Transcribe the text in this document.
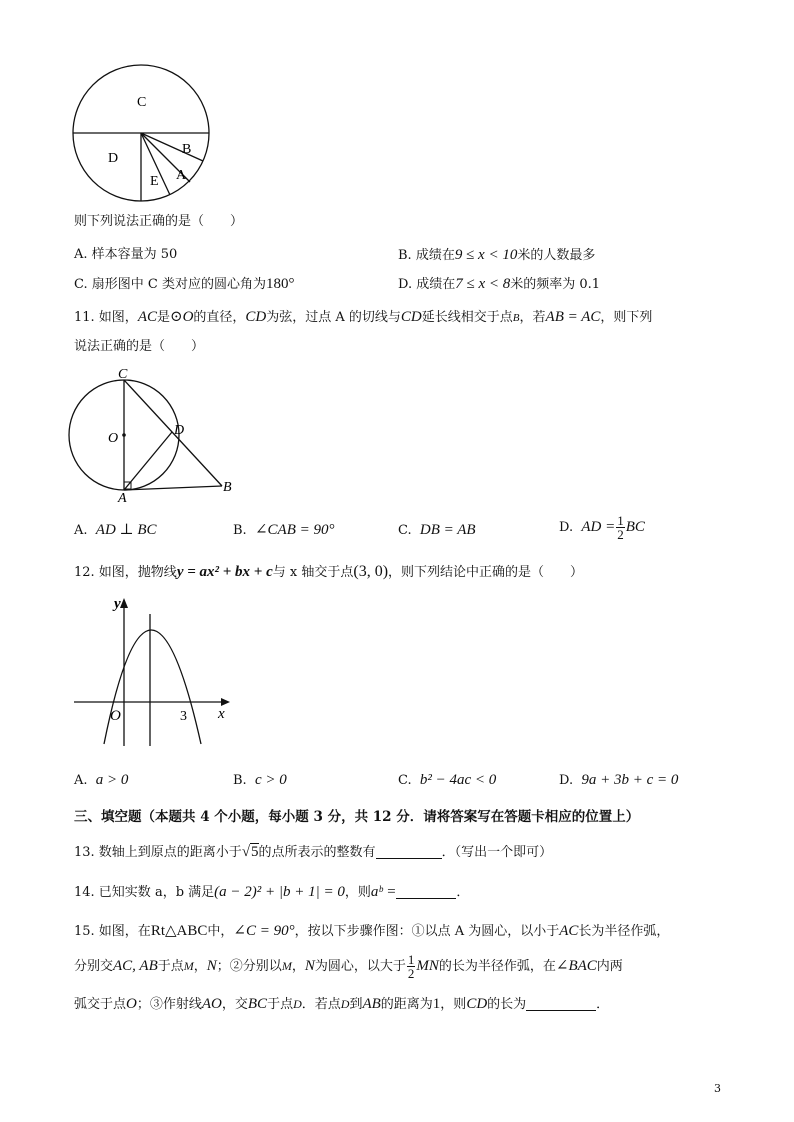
C
D
B
A
E
则下列说法正确的是（　　）
A. 样本容量为 50	B. 成绩在9 ≤ x < 10米的人数最多
C. 扇形图中 C 类对应的圆心角为180°	D. 成绩在7 ≤ x < 8米的频率为 0.1
11. 如图，AC是⊙O的直径，CD为弦，过点 A 的切线与CD延长线相交于点B，若AB = AC，则下列
说法正确的是（　　）
C
O
D
A
B
A. AD ⊥ BC	B. ∠CAB = 90°	C. DB = AB	D. AD = $\frac{1}{2}$ BC
12. 如图，抛物线y = ax² + bx + c与 x 轴交于点(3, 0)，则下列结论中正确的是（　　）
y
x
O	3
A. a > 0	B. c > 0	C. b² − 4ac < 0	D. 9a + 3b + c = 0
三、填空题（本题共 4 个小题，每小题 3 分，共 12 分．请将答案写在答题卡相应的位置上）
13. 数轴上到原点的距离小于√5的点所表示的整数有	．（写出一个即可）
14. 已知实数 a，b 满足(a − 2)² + |b + 1| = 0，则aᵇ =	．
15. 如图，在Rt△ABC中，∠C = 90°，按以下步骤作图：①以点 A 为圆心，以小于AC长为半径作弧，
分别交AC, AB于点M，N；②分别以M，N为圆心，以大于 $\frac{1}{2}$ MN的长为半径作弧，在∠BAC内两
弧交于点O；③作射线AO，交BC于点D．若点D到AB的距离为1，则CD的长为	．
3
